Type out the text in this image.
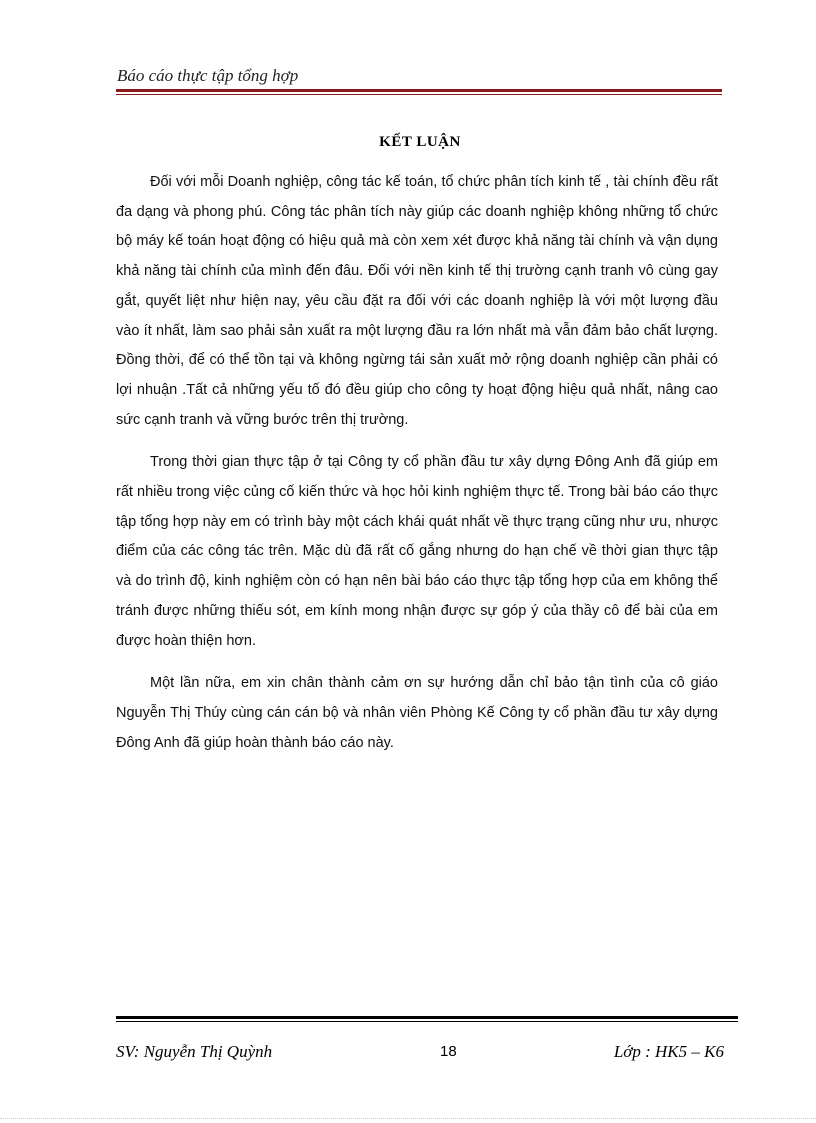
Báo cáo thực tập tổng hợp
KẾT LUẬN

Đối với mỗi Doanh nghiệp, công tác kế toán, tổ chức phân tích kinh tế , tài chính đều rất đa dạng và phong phú. Công tác phân tích này giúp các doanh nghiệp không những tổ chức bộ máy kế toán hoạt động có hiệu quả mà còn xem xét được khả năng tài chính và vận dụng khả năng tài chính của mình đến đâu. Đối với nền kinh tế thị trường cạnh tranh vô cùng gay gắt, quyết liệt như hiện nay, yêu cầu đặt ra đối với các doanh nghiệp là với một lượng đầu vào ít nhất, làm sao phải sản xuất ra một lượng đầu ra lớn nhất mà vẫn đảm bảo chất lượng. Đồng thời, để có thể tồn tại và không ngừng tái sản xuất mở rộng doanh nghiệp cần phải có lợi nhuận .Tất cả những yếu tố đó đều giúp cho công ty hoạt động hiệu quả nhất, nâng cao sức cạnh tranh và vững bước trên thị trường.

Trong thời gian thực tập ở tại Công ty cổ phần đầu tư xây dựng Đông Anh đã giúp em rất nhiều trong việc củng cố kiến thức và học hỏi kinh nghiệm thực tế. Trong bài báo cáo thực tập tổng hợp này em có trình bày một cách khái quát nhất về thực trạng cũng như ưu, nhược điểm của các công tác trên. Mặc dù đã rất cố gắng nhưng do hạn chế về thời gian thực tập và do trình độ, kinh nghiệm còn có hạn nên bài báo cáo thực tập tổng hợp của em không thể tránh được những thiếu sót, em kính mong nhận được sự góp ý của thầy cô để bài của em được hoàn thiện hơn.

Một lần nữa, em xin chân thành cảm ơn sự hướng dẫn chỉ bảo tận tình của cô giáo Nguyễn Thị Thúy cùng cán cán bộ và nhân viên Phòng Kế Công ty cổ phần đầu tư xây dựng Đông Anh đã giúp hoàn thành báo cáo này.

SV: Nguyễn Thị Quỳnh	18	Lớp : HK5 – K6
